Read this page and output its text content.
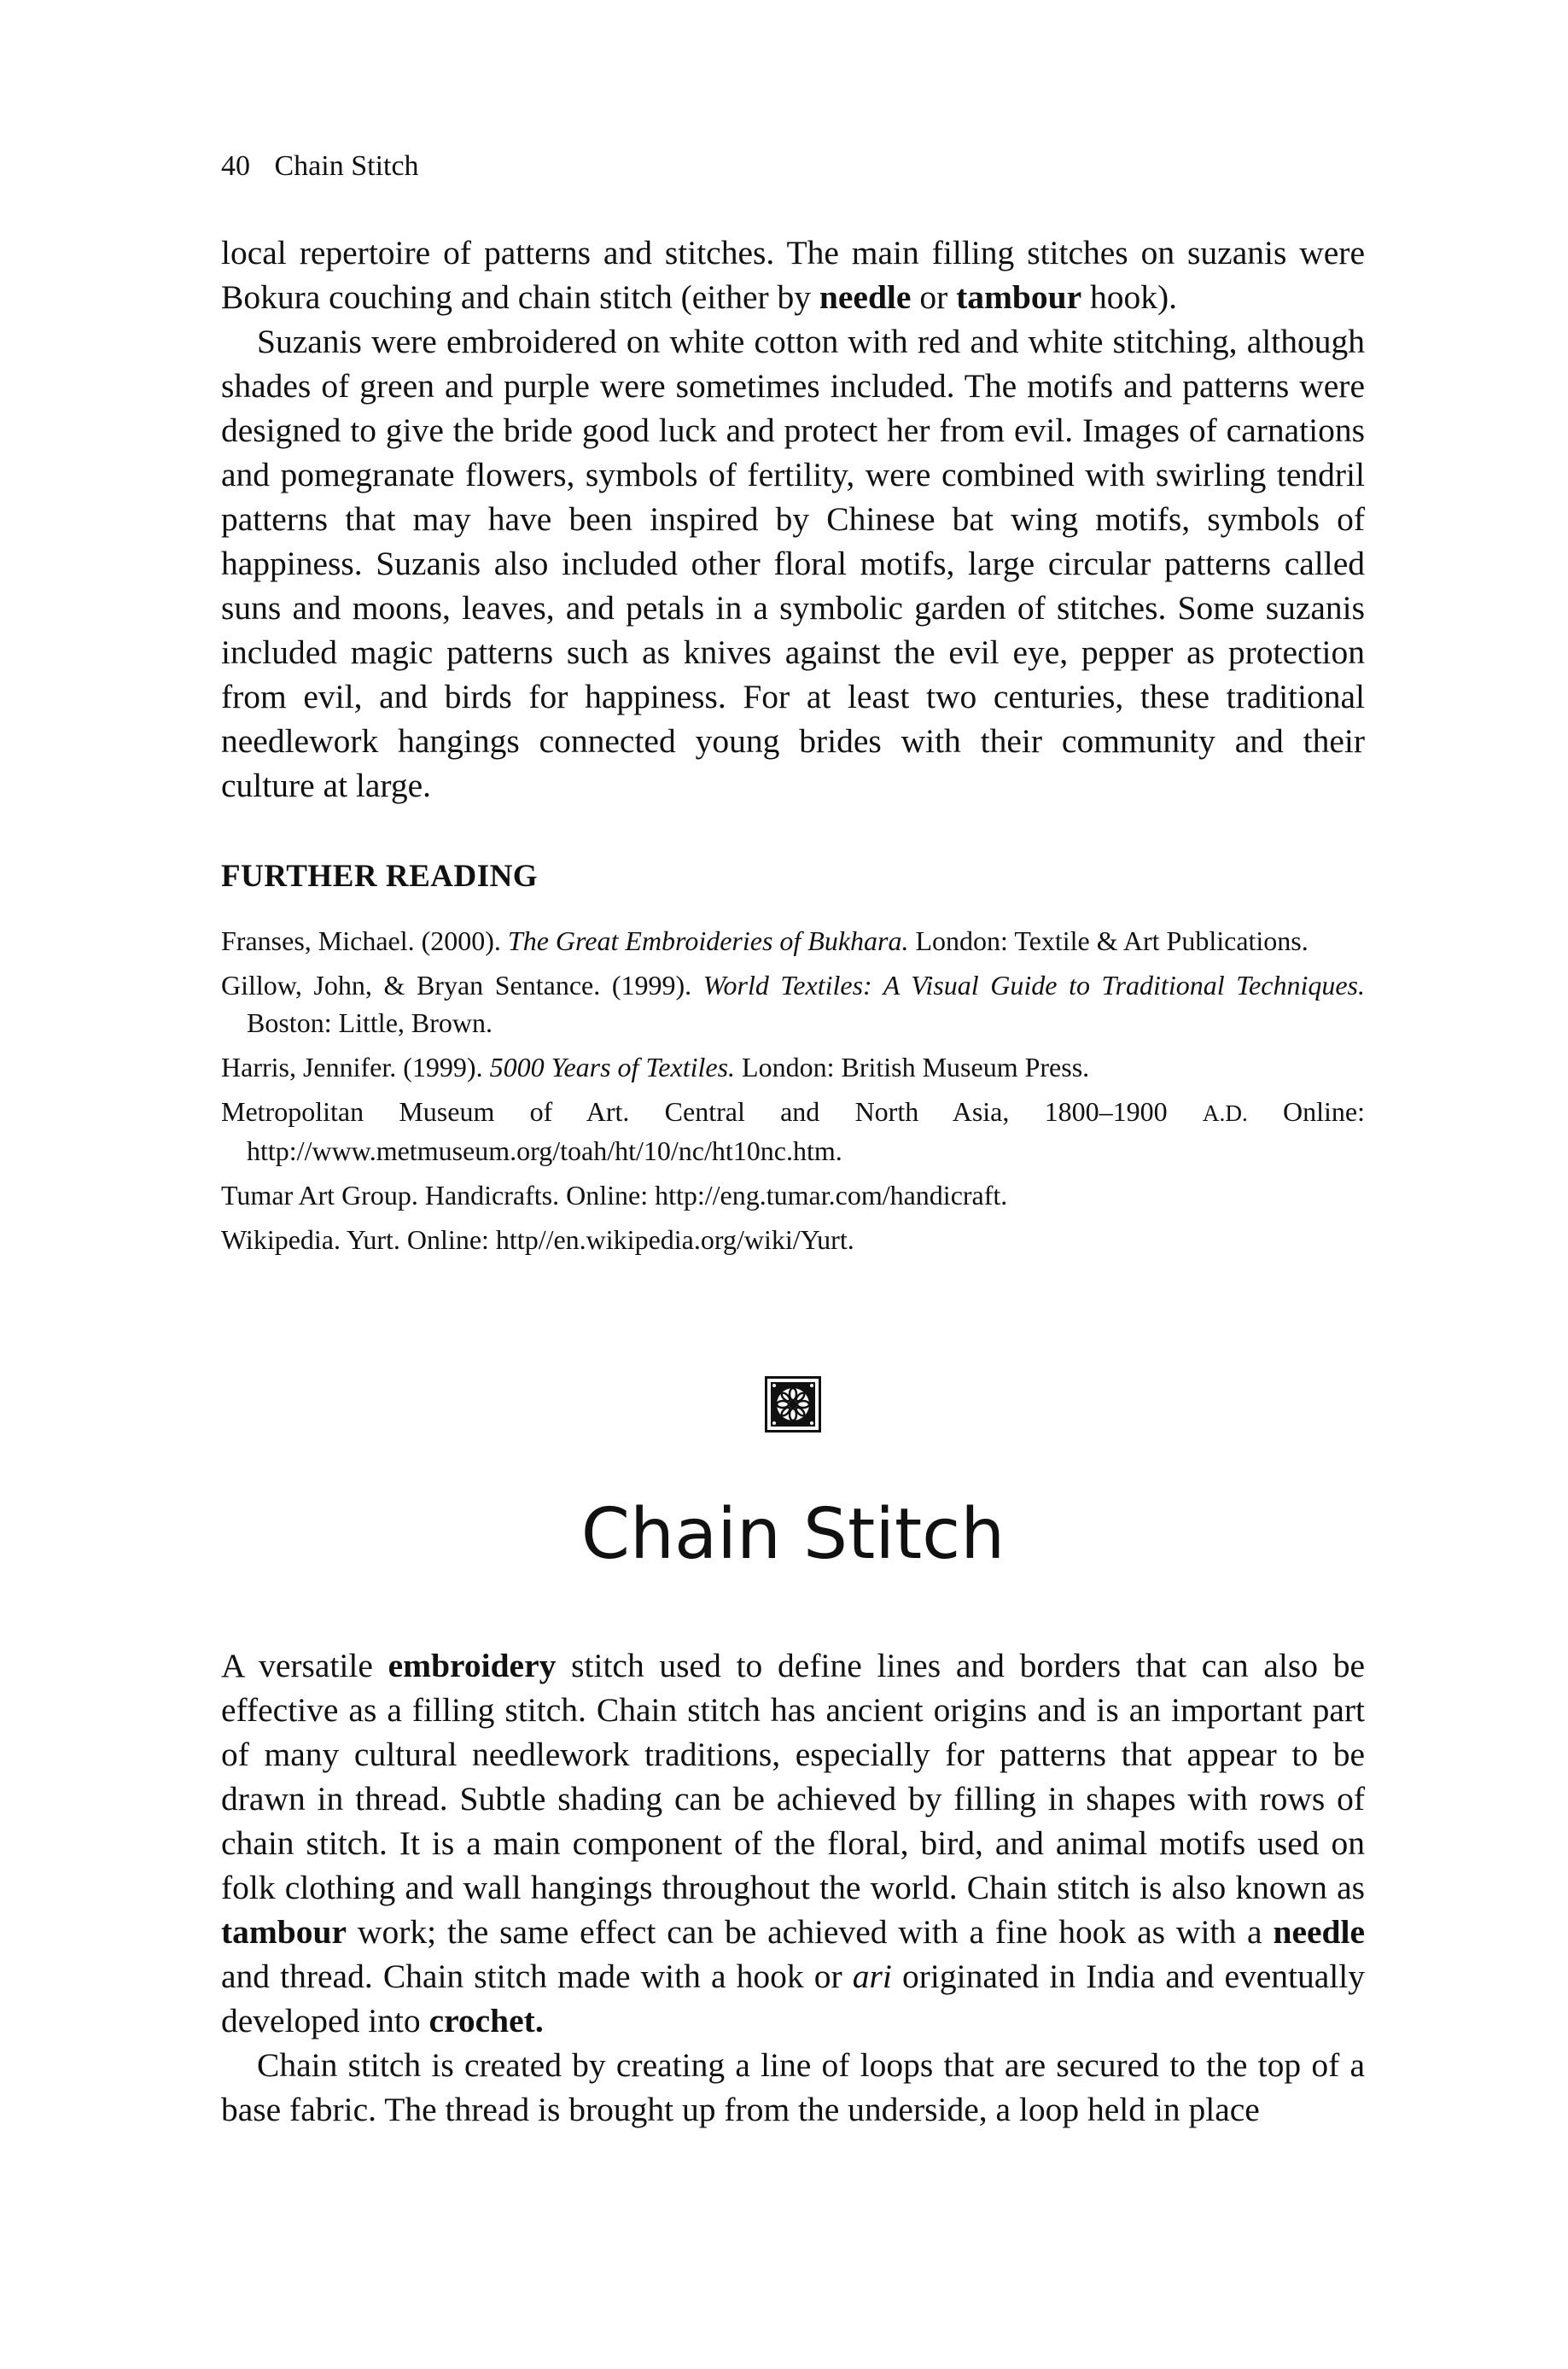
40 Chain Stitch

local repertoire of patterns and stitches. The main filling stitches on suzanis were Bokura couching and chain stitch (either by needle or tambour hook).

Suzanis were embroidered on white cotton with red and white stitching, although shades of green and purple were sometimes included. The motifs and patterns were designed to give the bride good luck and protect her from evil. Images of carnations and pomegranate flowers, symbols of fertility, were combined with swirling tendril patterns that may have been inspired by Chinese bat wing motifs, symbols of happiness. Suzanis also included other floral motifs, large circular patterns called suns and moons, leaves, and petals in a symbolic garden of stitches. Some suzanis included magic patterns such as knives against the evil eye, pepper as protection from evil, and birds for happiness. For at least two centuries, these traditional needlework hangings connected young brides with their community and their culture at large.

FURTHER READING

Franses, Michael. (2000). The Great Embroideries of Bukhara. London: Textile & Art Publications.

Gillow, John, & Bryan Sentance. (1999). World Textiles: A Visual Guide to Traditional Techniques. Boston: Little, Brown.

Harris, Jennifer. (1999). 5000 Years of Textiles. London: British Museum Press.

Metropolitan Museum of Art. Central and North Asia, 1800–1900 A.D. Online: http://www.metmuseum.org/toah/ht/10/nc/ht10nc.htm.

Tumar Art Group. Handicrafts. Online: http://eng.tumar.com/handicraft.

Wikipedia. Yurt. Online: http//en.wikipedia.org/wiki/Yurt.

Chain Stitch

A versatile embroidery stitch used to define lines and borders that can also be effective as a filling stitch. Chain stitch has ancient origins and is an important part of many cultural needlework traditions, especially for patterns that appear to be drawn in thread. Subtle shading can be achieved by filling in shapes with rows of chain stitch. It is a main component of the floral, bird, and animal motifs used on folk clothing and wall hangings throughout the world. Chain stitch is also known as tambour work; the same effect can be achieved with a fine hook as with a needle and thread. Chain stitch made with a hook or ari originated in India and eventually developed into crochet.

Chain stitch is created by creating a line of loops that are secured to the top of a base fabric. The thread is brought up from the underside, a loop held in place
